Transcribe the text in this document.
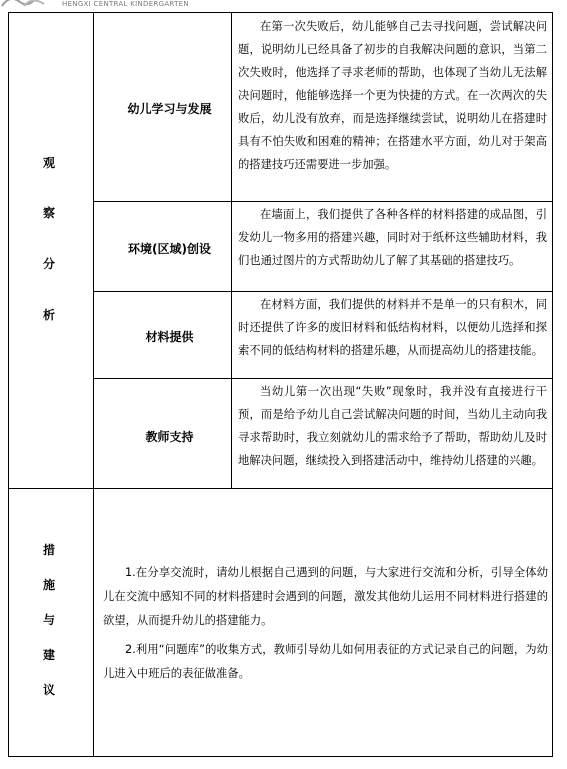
HENGXI CENTRAL KINDERGARTEN
观
察
分
析
幼儿学习与发展

在第一次失败后，幼儿能够自己去寻找问题，尝试解决问题，说明幼儿已经具备了初步的自我解决问题的意识，当第二次失败时，他选择了寻求老师的帮助，也体现了当幼儿无法解决问题时，他能够选择一个更为快捷的方式。在一次两次的失败后，幼儿没有放弃，而是选择继续尝试，说明幼儿在搭建时具有不怕失败和困难的精神；在搭建水平方面，幼儿对于架高的搭建技巧还需要进一步加强。

环境(区域)创设

在墙面上，我们提供了各种各样的材料搭建的成品图，引发幼儿一物多用的搭建兴趣，同时对于纸杯这些辅助材料，我们也通过图片的方式帮助幼儿了解了其基础的搭建技巧。

材料提供

在材料方面，我们提供的材料并不是单一的只有积木，同时还提供了许多的废旧材料和低结构材料，以便幼儿选择和探索不同的低结构材料的搭建乐趣，从而提高幼儿的搭建技能。

教师支持

当幼儿第一次出现“失败”现象时，我并没有直接进行干预，而是给予幼儿自己尝试解决问题的时间，当幼儿主动向我寻求帮助时，我立刻就幼儿的需求给予了帮助，帮助幼儿及时地解决问题，继续投入到搭建活动中，维持幼儿搭建的兴趣。

措
施
与
建
议

1.在分享交流时，请幼儿根据自己遇到的问题，与大家进行交流和分析，引导全体幼儿在交流中感知不同的材料搭建时会遇到的问题，激发其他幼儿运用不同材料进行搭建的欲望，从而提升幼儿的搭建能力。

2.利用“问题库”的收集方式，教师引导幼儿如何用表征的方式记录自己的问题，为幼儿进入中班后的表征做准备。
